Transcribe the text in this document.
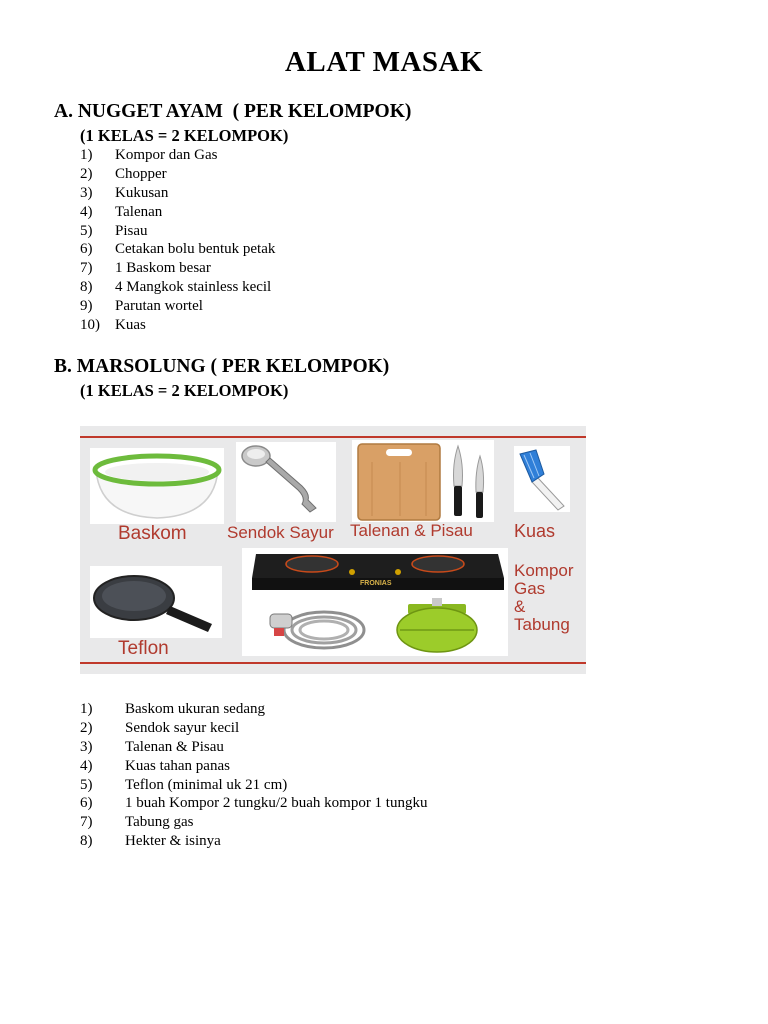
ALAT MASAK
A. NUGGET AYAM  ( PER KELOMPOK)
(1 KELAS = 2 KELOMPOK)
1) Kompor dan Gas
2) Chopper
3) Kukusan
4) Talenan
5) Pisau
6) Cetakan bolu bentuk petak
7) 1 Baskom besar
8) 4 Mangkok stainless kecil
9) Parutan wortel
10) Kuas
B. MARSOLUNG ( PER KELOMPOK)
(1 KELAS = 2 KELOMPOK)
Baskom Sendok Sayur Talenan & Pisau Kuas
Teflon
FRONIAS
Kompor
Gas
&
Tabung
1) Baskom ukuran sedang
2) Sendok sayur kecil
3) Talenan & Pisau
4) Kuas tahan panas
5) Teflon (minimal uk 21 cm)
6) 1 buah Kompor 2 tungku/2 buah kompor 1 tungku
7) Tabung gas
8) Hekter & isinya
